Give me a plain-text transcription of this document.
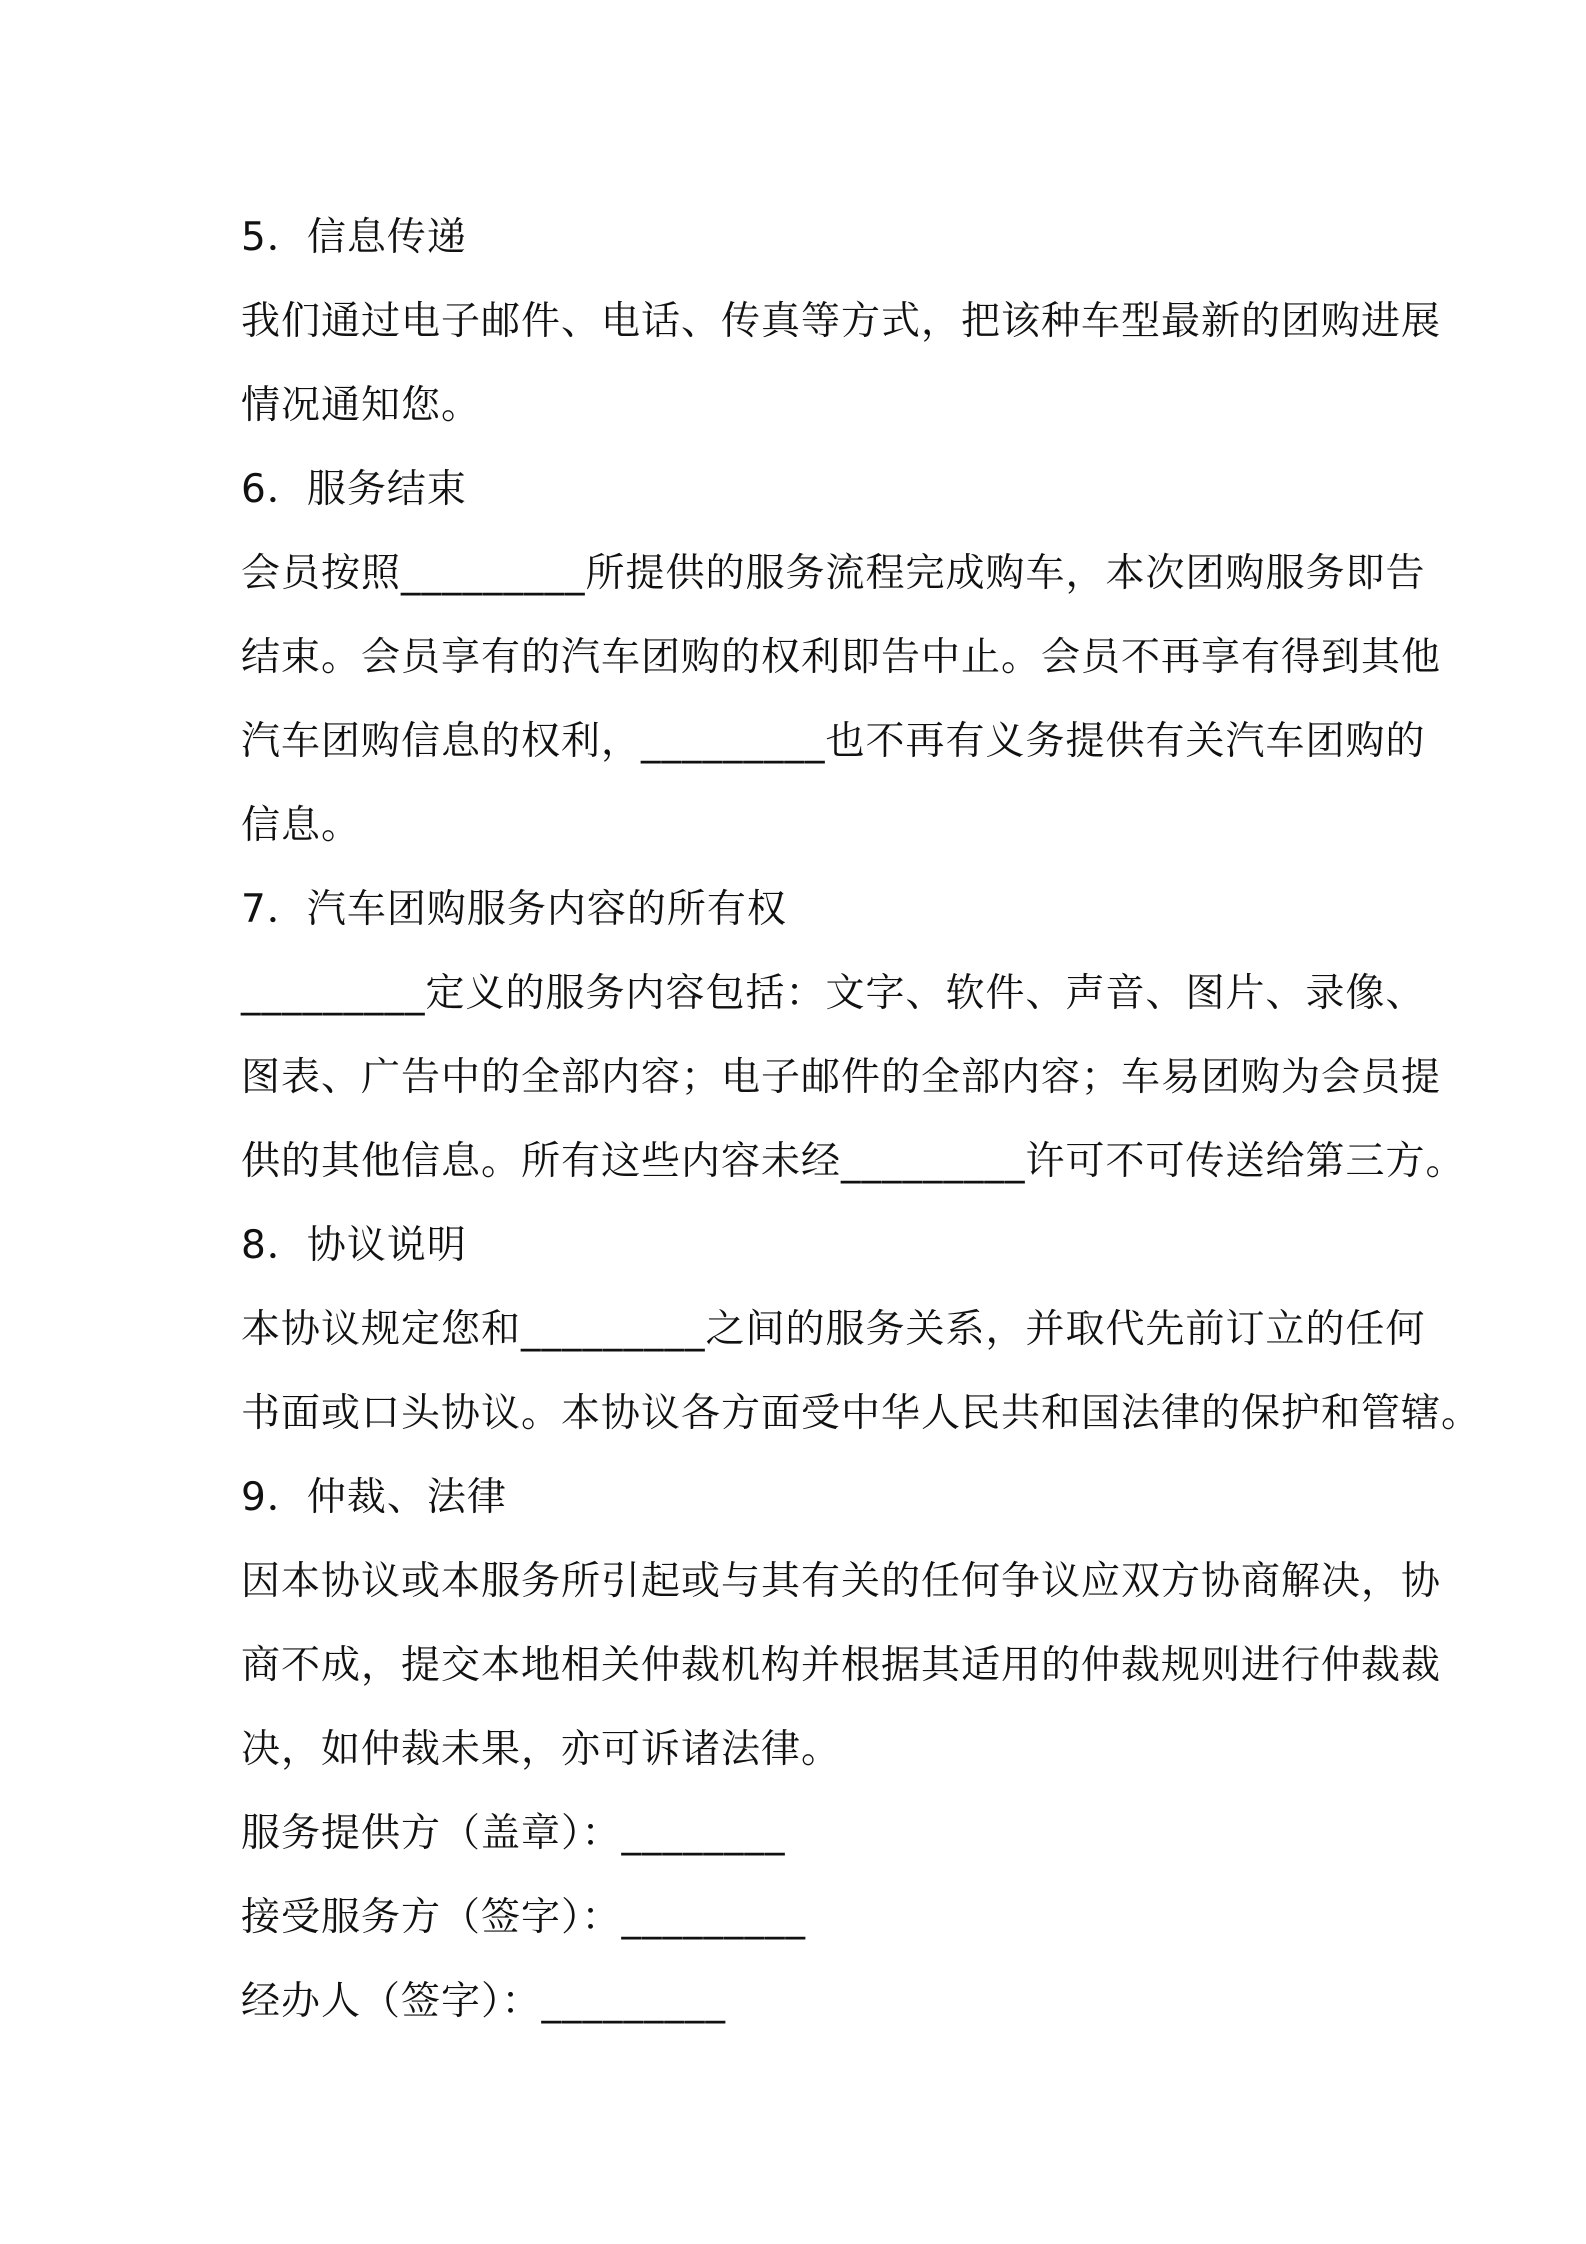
5．信息传递
我们通过电子邮件、电话、传真等方式，把该种车型最新的团购进展
情况通知您。
6．服务结束
会员按照_________所提供的服务流程完成购车，本次团购服务即告
结束。会员享有的汽车团购的权利即告中止。会员不再享有得到其他
汽车团购信息的权利，_________也不再有义务提供有关汽车团购的
信息。
7．汽车团购服务内容的所有权
_________定义的服务内容包括：文字、软件、声音、图片、录像、
图表、广告中的全部内容；电子邮件的全部内容；车易团购为会员提
供的其他信息。所有这些内容未经_________许可不可传送给第三方。
8．协议说明
本协议规定您和_________之间的服务关系，并取代先前订立的任何
书面或口头协议。本协议各方面受中华人民共和国法律的保护和管辖。
9．仲裁、法律
因本协议或本服务所引起或与其有关的任何争议应双方协商解决，协
商不成，提交本地相关仲裁机构并根据其适用的仲裁规则进行仲裁裁
决，如仲裁未果，亦可诉诸法律。
服务提供方（盖章）：________
接受服务方（签字）：_________
经办人（签字）：_________
